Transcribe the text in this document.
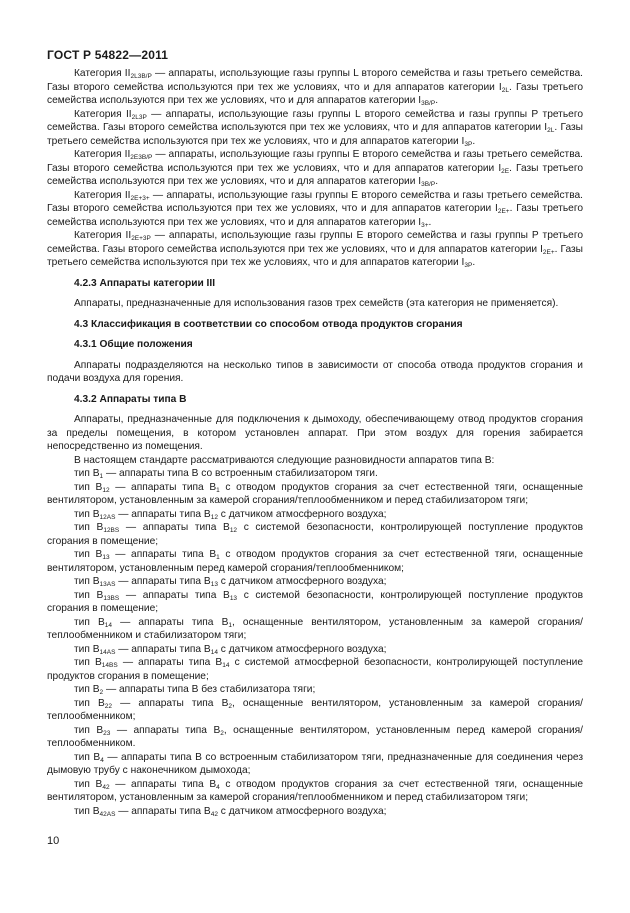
ГОСТ Р 54822—2011
Категория $II_{2L3B/P}$ — аппараты, использующие газы группы L второго семейства и газы третьего семейства. Газы второго семейства используются при тех же условиях, что и для аппаратов категории $I_{2L}$. Газы третьего семейства используются при тех же условиях, что и для аппаратов категории $I_{3B/P}$.
Категория $II_{2L3P}$ — аппараты, использующие газы группы L второго семейства и газы группы Р третьего семейства. Газы второго семейства используются при тех же условиях, что и для аппаратов категории $I_{2L}$. Газы третьего семейства используются при тех же условиях, что и для аппаратов категории $I_{3P}$.
Категория $II_{2E3B/P}$ — аппараты, использующие газы группы Е второго семейства и газы третьего семейства. Газы второго семейства используются при тех же условиях, что и для аппаратов категории $I_{2E}$. Газы третьего семейства используются при тех же условиях, что и для аппаратов категории $I_{3B/P}$.
Категория $II_{2E+3+}$ — аппараты, использующие газы группы Е второго семейства и газы третьего семейства. Газы второго семейства используются при тех же условиях, что и для аппаратов категории $I_{2E+}$. Газы третьего семейства используются при тех же условиях, что и для аппаратов категории $I_{3+}$.
Категория $II_{2E+3P}$ — аппараты, использующие газы группы Е второго семейства и газы группы Р третьего семейства. Газы второго семейства используются при тех же условиях, что и для аппаратов категории $I_{2E+}$. Газы третьего семейства используются при тех же условиях, что и для аппаратов категории $I_{3P}$.
4.2.3 Аппараты категории III
Аппараты, предназначенные для использования газов трех семейств (эта категория не применяется).
4.3 Классификация в соответствии со способом отвода продуктов сгорания
4.3.1 Общие положения
Аппараты подразделяются на несколько типов в зависимости от способа отвода продуктов сгорания и подачи воздуха для горения.
4.3.2 Аппараты типа В
Аппараты, предназначенные для подключения к дымоходу, обеспечивающему отвод продуктов сгорания за пределы помещения, в котором установлен аппарат. При этом воздух для горения забирается непосредственно из помещения.
В настоящем стандарте рассматриваются следующие разновидности аппаратов типа В:
тип $В_1$ — аппараты типа В со встроенным стабилизатором тяги.
тип $В_{12}$ — аппараты типа $В_1$ с отводом продуктов сгорания за счет естественной тяги, оснащенные вентилятором, установленным за камерой сгорания/теплообменником и перед стабилизатором тяги;
тип $В_{12AS}$ — аппараты типа $В_{12}$ с датчиком атмосферного воздуха;
тип $В_{12BS}$ — аппараты типа $В_{12}$ с системой безопасности, контролирующей поступление продуктов сгорания в помещение;
тип $В_{13}$ — аппараты типа $В_1$ с отводом продуктов сгорания за счет естественной тяги, оснащенные вентилятором, установленным перед камерой сгорания/теплообменником;
тип $В_{13AS}$ — аппараты типа $В_{13}$ с датчиком атмосферного воздуха;
тип $В_{13BS}$ — аппараты типа $В_{13}$ с системой безопасности, контролирующей поступление продуктов сгорания в помещение;
тип $В_{14}$ — аппараты типа $В_1$, оснащенные вентилятором, установленным за камерой сгорания/теплообменником и стабилизатором тяги;
тип $В_{14AS}$ — аппараты типа $В_{14}$ с датчиком атмосферного воздуха;
тип $В_{14BS}$ — аппараты типа $В_{14}$ с системой атмосферной безопасности, контролирующей поступление продуктов сгорания в помещение;
тип $В_2$ — аппараты типа В без стабилизатора тяги;
тип $В_{22}$ — аппараты типа $В_2$, оснащенные вентилятором, установленным за камерой сгорания/теплообменником;
тип $В_{23}$ — аппараты типа $В_2$, оснащенные вентилятором, установленным перед камерой сгорания/теплообменником.
тип $В_4$ — аппараты типа В со встроенным стабилизатором тяги, предназначенные для соединения через дымовую трубу с наконечником дымохода;
тип $В_{42}$ — аппараты типа $В_4$ с отводом продуктов сгорания за счет естественной тяги, оснащенные вентилятором, установленным за камерой сгорания/теплообменником и перед стабилизатором тяги;
тип $В_{42AS}$ — аппараты типа $В_{42}$ с датчиком атмосферного воздуха;
10
